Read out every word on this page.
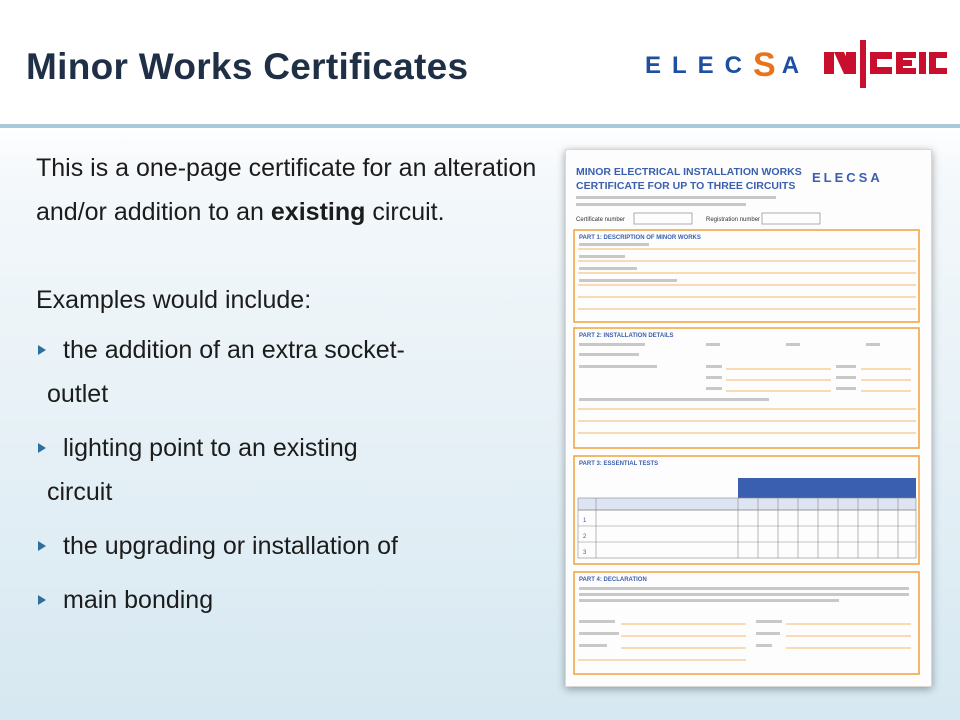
Minor Works Certificates	ELECSA

This is a one-page certificate for an alteration and/or addition to an existing circuit.

Examples would include:

the addition of an extra socket-
outlet
lighting point to an existing
circuit
the upgrading or installation of
main bonding
MINOR ELECTRICAL INSTALLATION WORKS
CERTIFICATE FOR UP TO THREE CIRCUITS
ELECSA
Certificate number	Registration number
PART 1: DESCRIPTION OF MINOR WORKS
PART 2: INSTALLATION DETAILS
PART 3: ESSENTIAL TESTS
1
2
3
PART 4: DECLARATION
